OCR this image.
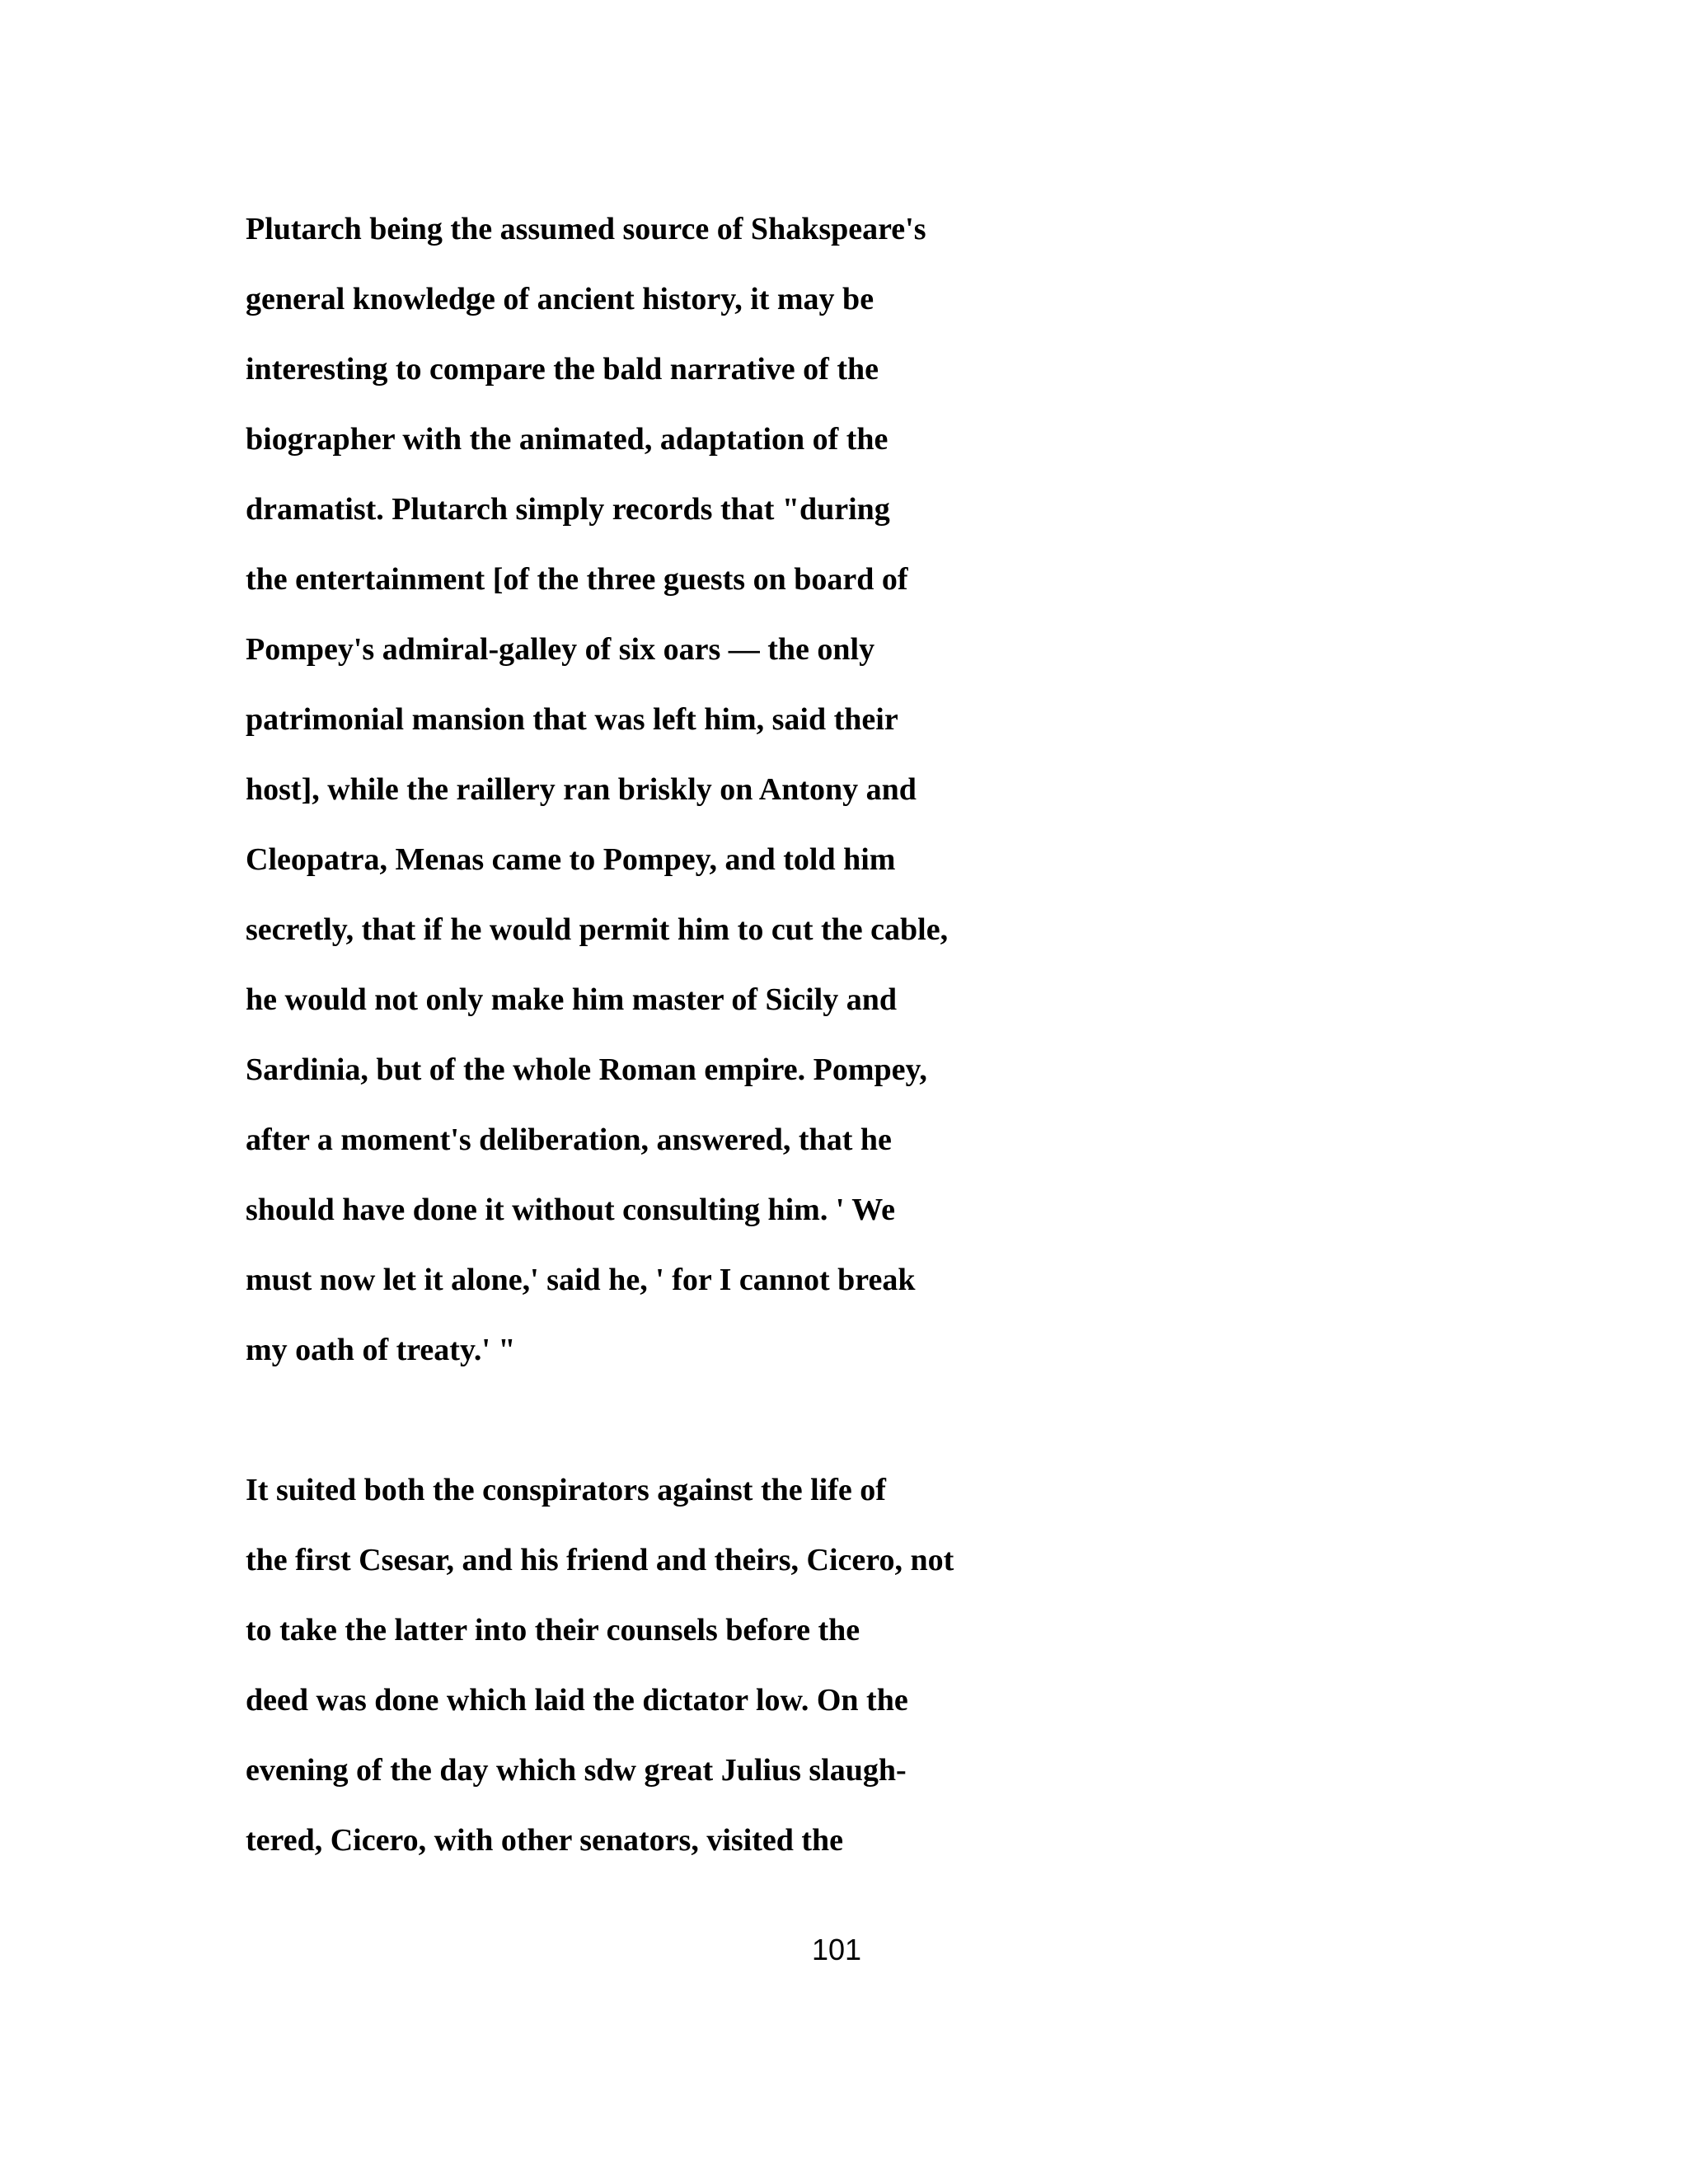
Plutarch being the assumed source of Shakspeare's
general knowledge of ancient history, it may be
interesting to compare the bald narrative of the
biographer with the animated, adaptation of the
dramatist. Plutarch simply records that "during
the entertainment [of the three guests on board of
Pompey's admiral-galley of six oars — the only
patrimonial mansion that was left him, said their
host], while the raillery ran briskly on Antony and
Cleopatra, Menas came to Pompey, and told him
secretly, that if he would permit him to cut the cable,
he would not only make him master of Sicily and
Sardinia, but of the whole Roman empire. Pompey,
after a moment's deliberation, answered, that he
should have done it without consulting him. ' We
must now let it alone,' said he, ' for I cannot break
my oath of treaty.' "
It suited both the conspirators against the life of
the first Csesar, and his friend and theirs, Cicero, not
to take the latter into their counsels before the
deed was done which laid the dictator low. On the
evening of the day which sdw great Julius slaugh-
tered, Cicero, with other senators, visited the
101
